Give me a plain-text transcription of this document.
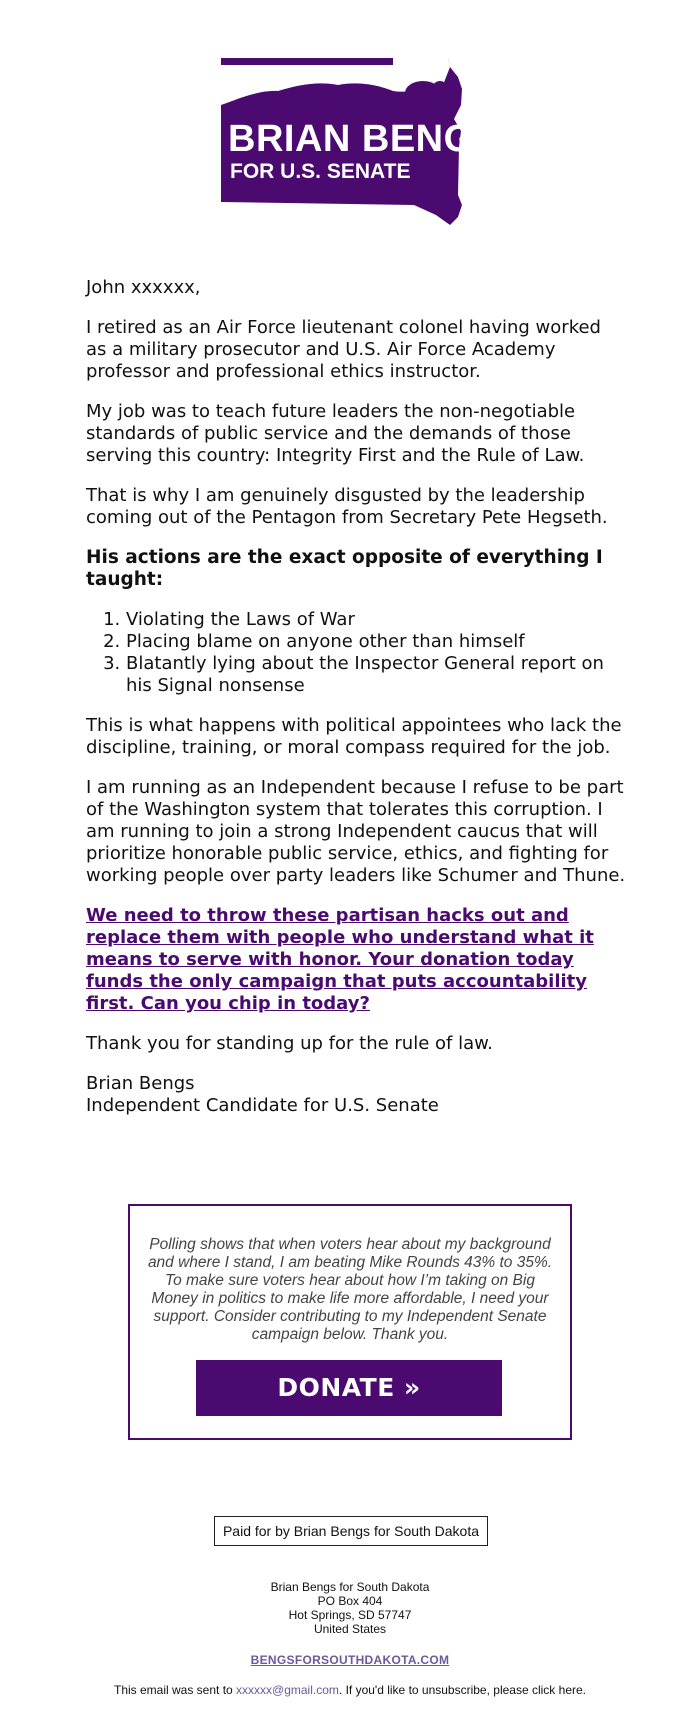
BRIAN BENGS
FOR U.S. SENATE

John xxxxxx,

I retired as an Air Force lieutenant colonel having worked as a military prosecutor and U.S. Air Force Academy professor and professional ethics instructor.

My job was to teach future leaders the non-negotiable standards of public service and the demands of those serving this country: Integrity First and the Rule of Law.

That is why I am genuinely disgusted by the leadership coming out of the Pentagon from Secretary Pete Hegseth.

His actions are the exact opposite of everything I taught:
1. Violating the Laws of War
2. Placing blame on anyone other than himself
3. Blatantly lying about the Inspector General report on his Signal nonsense

This is what happens with political appointees who lack the discipline, training, or moral compass required for the job.

I am running as an Independent because I refuse to be part of the Washington system that tolerates this corruption. I am running to join a strong Independent caucus that will prioritize honorable public service, ethics, and fighting for working people over party leaders like Schumer and Thune.

We need to throw these partisan hacks out and replace them with people who understand what it means to serve with honor. Your donation today funds the only campaign that puts accountability first. Can you chip in today?

Thank you for standing up for the rule of law.

Brian Bengs
Independent Candidate for U.S. Senate
Polling shows that when voters hear about my background and where I stand, I am beating Mike Rounds 43% to 35%. To make sure voters hear about how I’m taking on Big Money in politics to make life more affordable, I need your support. Consider contributing to my Independent Senate campaign below. Thank you.
DONATE »
Paid for by Brian Bengs for South Dakota
Brian Bengs for South Dakota
PO Box 404
Hot Springs, SD 57747
United States
BENGSFORSOUTHDAKOTA.COM
This email was sent to xxxxxx@gmail.com. If you'd like to unsubscribe, please click here.
